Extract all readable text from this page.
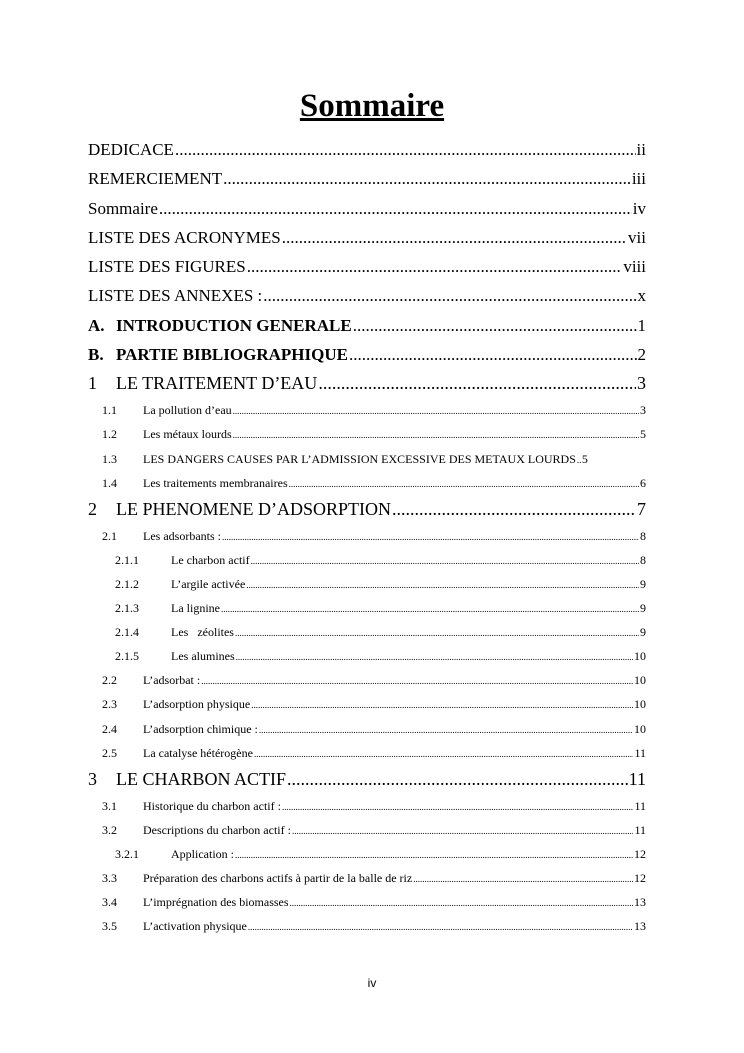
Sommaire
DEDICACE .....	ii
REMERCIEMENT .....	iii
Sommaire .....	iv
LISTE DES ACRONYMES .....	vii
LISTE DES FIGURES .....	viii
LISTE DES ANNEXES : .....	x
A. INTRODUCTION GENERALE .....	1
B. PARTIE BIBLIOGRAPHIQUE .....	2
1	LE TRAITEMENT D’EAU .....	3
1.1	La pollution d’eau .....	3
1.2	Les métaux lourds .....	5
1.3	LES DANGERS CAUSES PAR L’ADMISSION EXCESSIVE DES METAUX LOURDS ..... 5
1.4	Les traitements membranaires .....	6
2	LE PHENOMENE D’ADSORPTION .....	7
2.1	Les adsorbants : .....	8
2.1.1	Le charbon actif .....	8
2.1.2	L’argile activée .....	9
2.1.3	La lignine .....	9
2.1.4	Les   zéolites .....	9
2.1.5	Les alumines .....	10
2.2	L’adsorbat : .....	10
2.3	L’adsorption physique .....	10
2.4	L’adsorption chimique : .....	10
2.5	La catalyse hétérogène .....	11
3	LE CHARBON ACTIF .....	11
3.1	Historique du charbon actif : .....	11
3.2	Descriptions du charbon actif : .....	11
3.2.1	Application : .....	12
3.3	Préparation des charbons actifs à partir de la balle de riz .....	12
3.4	L’imprégnation des biomasses .....	13
3.5	L’activation physique .....	13
iv
